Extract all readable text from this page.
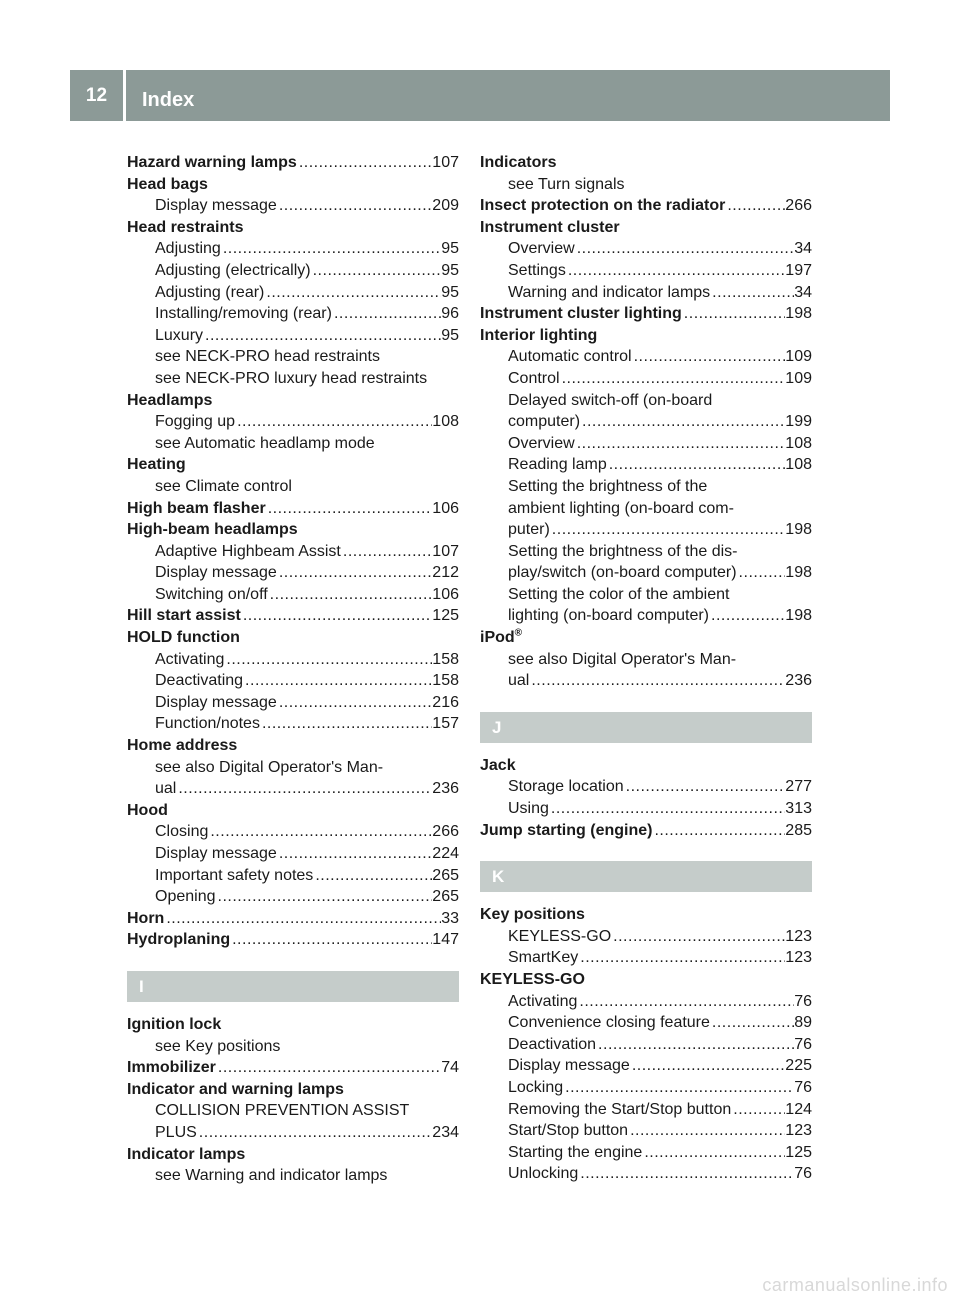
12	Index
Hazard warning lamps .....	107
Head bags
Display message .....	209
Head restraints
Adjusting .....	95
Adjusting (electrically) .....	95
Adjusting (rear) .....	95
Installing/removing (rear) .....	96
Luxury .....	95
see NECK-PRO head restraints
see NECK-PRO luxury head restraints
Headlamps
Fogging up .....	108
see Automatic headlamp mode
Heating
see Climate control
High beam flasher .....	106
High-beam headlamps
Adaptive Highbeam Assist .....	107
Display message .....	212
Switching on/off .....	106
Hill start assist .....	125
HOLD function
Activating .....	158
Deactivating .....	158
Display message .....	216
Function/notes .....	157
Home address
see also Digital Operator's Man-
ual .....	236
Hood
Closing .....	266
Display message .....	224
Important safety notes .....	265
Opening .....	265
Horn .....	33
Hydroplaning .....	147
I
Ignition lock
see Key positions
Immobilizer .....	74
Indicator and warning lamps
COLLISION PREVENTION ASSIST
PLUS .....	234
Indicator lamps
see Warning and indicator lamps
Indicators
see Turn signals
Insect protection on the radiator .....	266
Instrument cluster
Overview .....	34
Settings .....	197
Warning and indicator lamps .....	34
Instrument cluster lighting .....	198
Interior lighting
Automatic control .....	109
Control .....	109
Delayed switch-off (on-board
computer) .....	199
Overview .....	108
Reading lamp .....	108
Setting the brightness of the
ambient lighting (on-board com-
puter) .....	198
Setting the brightness of the dis-
play/switch (on-board computer) .....	198
Setting the color of the ambient
lighting (on-board computer) .....	198
iPod®
see also Digital Operator's Man-
ual .....	236
J
Jack
Storage location .....	277
Using .....	313
Jump starting (engine) .....	285
K
Key positions
KEYLESS-GO .....	123
SmartKey .....	123
KEYLESS-GO
Activating .....	76
Convenience closing feature .....	89
Deactivation .....	76
Display message .....	225
Locking .....	76
Removing the Start/Stop button .....	124
Start/Stop button .....	123
Starting the engine .....	125
Unlocking .....	76
carmanualsonline.info
